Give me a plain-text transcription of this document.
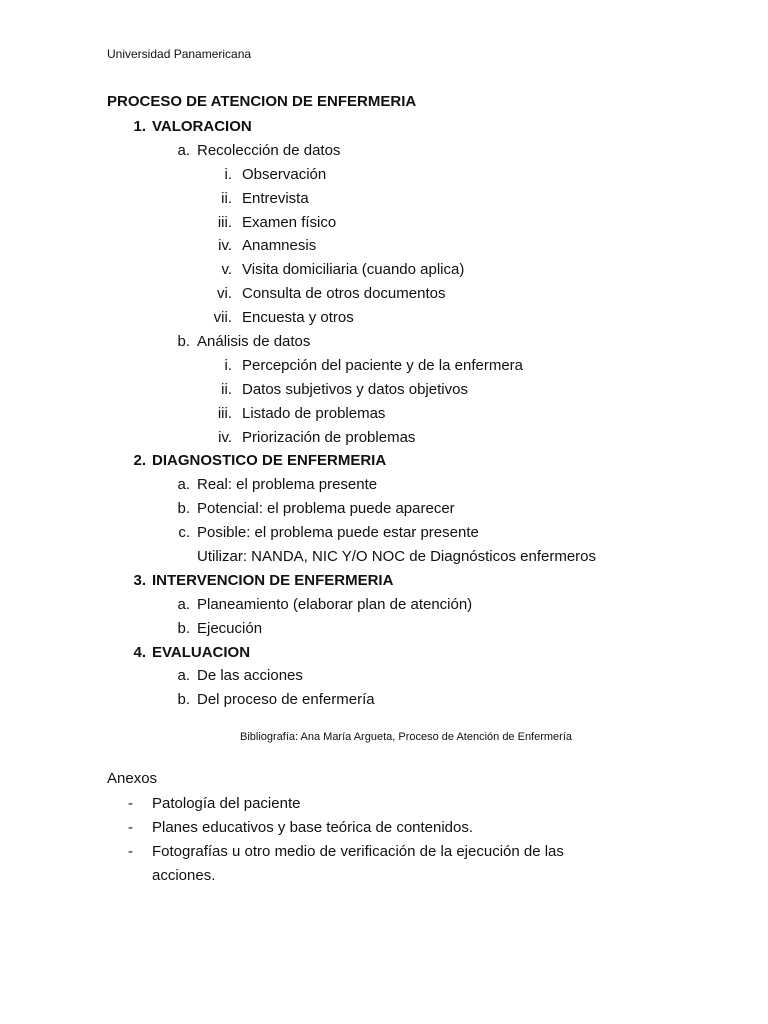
Universidad Panamericana
PROCESO DE ATENCION DE ENFERMERIA
1. VALORACION
a. Recolección de datos
i. Observación
ii. Entrevista
iii. Examen físico
iv. Anamnesis
v. Visita domiciliaria (cuando aplica)
vi. Consulta de otros documentos
vii. Encuesta y otros
b. Análisis de datos
i. Percepción del paciente y de la enfermera
ii. Datos subjetivos y datos objetivos
iii. Listado de problemas
iv. Priorización de problemas
2. DIAGNOSTICO DE ENFERMERIA
a. Real: el problema presente
b. Potencial: el problema puede aparecer
c. Posible: el problema puede estar presente
Utilizar: NANDA, NIC Y/O NOC de Diagnósticos enfermeros
3. INTERVENCION DE ENFERMERIA
a. Planeamiento (elaborar plan de atención)
b. Ejecución
4. EVALUACION
a. De las acciones
b. Del proceso de enfermería
Bibliografía: Ana María Argueta, Proceso de Atención de Enfermería
Anexos
- Patología del paciente
- Planes educativos y base teórica de contenidos.
- Fotografías u otro medio de verificación de la ejecución de las acciones.
